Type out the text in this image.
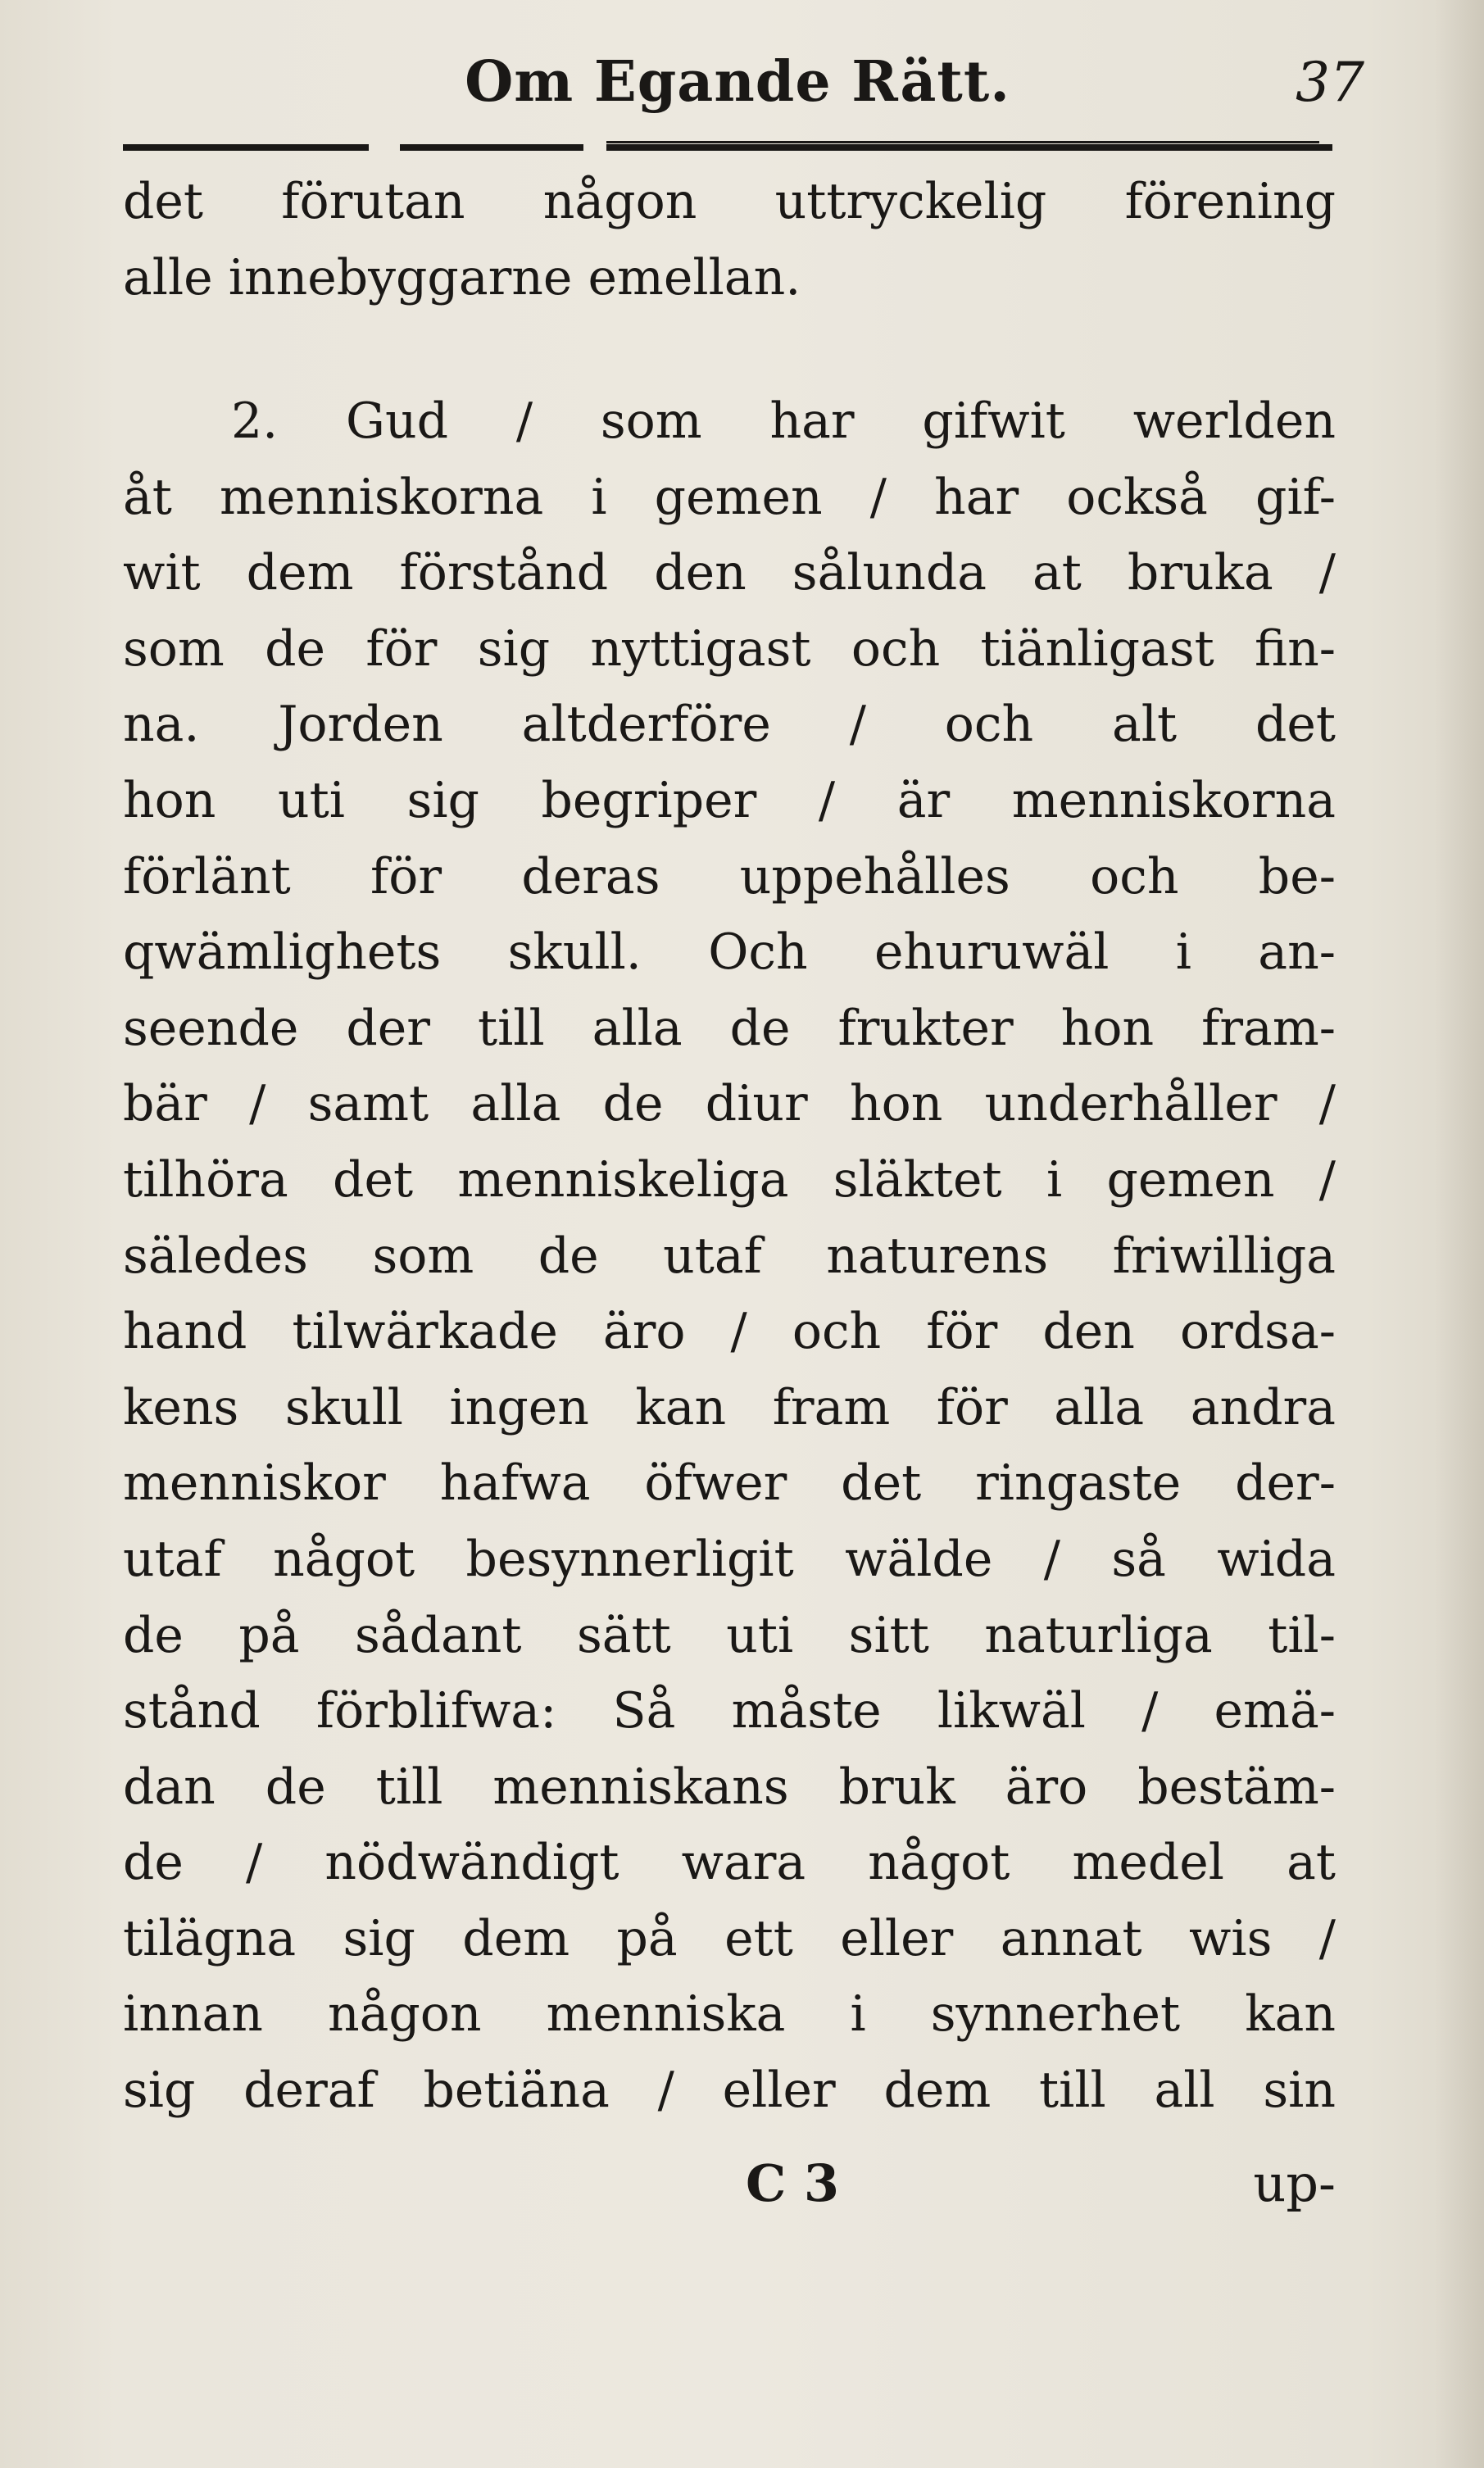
Om Egande Rätt.	37
det förutan någon uttryckelig förening
alle innebyggarne emellan.
2. Gud / som har gifwit werlden
åt menniskorna i gemen / har också gif-
wit dem förstånd den sålunda at bruka /
som de för sig nyttigast och tiänligast fin-
na. Jorden altderföre / och alt det
hon uti sig begriper / är menniskorna
förlänt för deras uppehålles och be-
qwämlighets skull. Och ehuruwäl i an-
seende der till alla de frukter hon fram-
bär / samt alla de diur hon underhåller /
tilhöra det menniskeliga släktet i gemen /
säledes som de utaf naturens friwilliga
hand tilwärkade äro / och för den ordsa-
kens skull ingen kan fram för alla andra
menniskor hafwa öfwer det ringaste der-
utaf något besynnerligit wälde / så wida
de på sådant sätt uti sitt naturliga til-
stånd förblifwa: Så måste likwäl / emä-
dan de till menniskans bruk äro bestäm-
de / nödwändigt wara något medel at
tilägna sig dem på ett eller annat wis /
innan någon menniska i synnerhet kan
sig deraf betiäna / eller dem till all sin
C 3	up-
